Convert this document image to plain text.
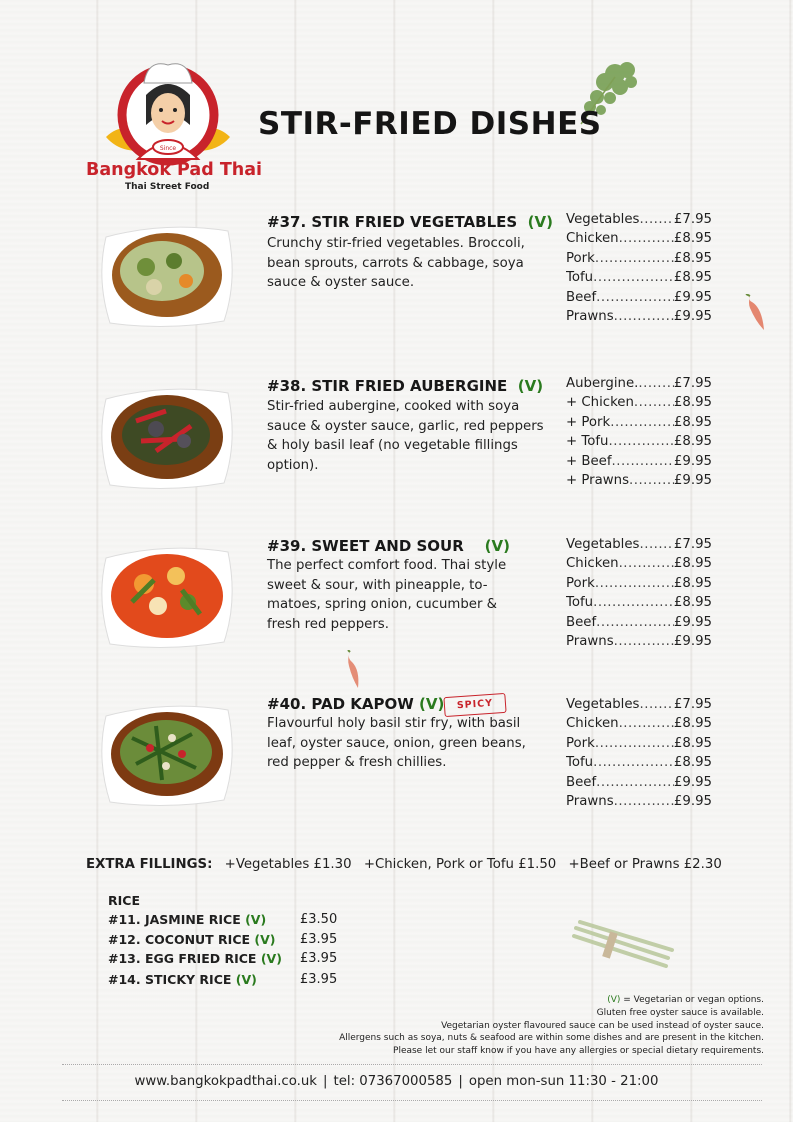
Since
Bangkok Pad Thai
Thai Street Food
STIR-FRIED DISHES
#37. STIR FRIED VEGETABLES (V)
Crunchy stir-fried vegetables. Broccoli, bean sprouts, carrots & cabbage, soya sauce & oyster sauce.
Vegetables .....	£7.95
Chicken .....	£8.95
Pork .....	£8.95
Tofu .....	£8.95
Beef .....	£9.95
Prawns .....	£9.95
#38. STIR FRIED AUBERGINE (V)
Stir-fried aubergine, cooked with soya sauce & oyster sauce, garlic, red peppers & holy basil leaf (no vegetable fillings option).
Aubergine. .....	£7.95
+ Chicken .....	£8.95
+ Pork .....	£8.95
+ Tofu .....	£8.95
+ Beef .....	£9.95
+ Prawns .....	£9.95
#39. SWEET AND SOUR (V)
The perfect comfort food. Thai style sweet & sour, with pineapple, to-matoes, spring onion, cucumber & fresh red peppers.
Vegetables .....	£7.95
Chicken .....	£8.95
Pork .....	£8.95
Tofu .....	£8.95
Beef .....	£9.95
Prawns .....	£9.95
#40. PAD KAPOW (V)	SPICY
Flavourful holy basil stir fry, with basil leaf, oyster sauce, onion, green beans, red pepper & fresh chillies.
Vegetables .....	£7.95
Chicken .....	£8.95
Pork .....	£8.95
Tofu .....	£8.95
Beef .....	£9.95
Prawns .....	£9.95
EXTRA FILLINGS: +Vegetables £1.30 +Chicken, Pork or Tofu £1.50 +Beef or Prawns £2.30
RICE
#11. JASMINE RICE (V)	£3.50
#12. COCONUT RICE (V) £3.95
#13. EGG FRIED RICE (V) £3.95
#14. STICKY RICE (V)	£3.95
(V) = Vegetarian or vegan options.
Gluten free oyster sauce is available.
Vegetarian oyster flavoured sauce can be used instead of oyster sauce.
Allergens such as soya, nuts & seafood are within some dishes and are present in the kitchen.
Please let our staff know if you have any allergies or special dietary requirements.
www.bangkokpadthai.co.uk | tel: 07367000585 | open mon-sun 11:30 - 21:00
